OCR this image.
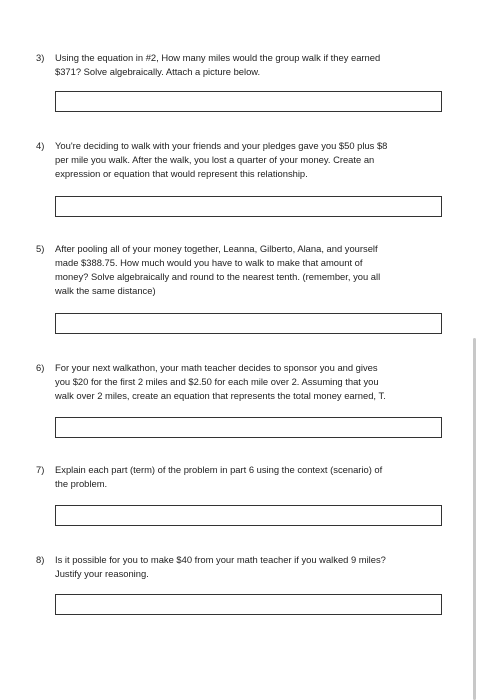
3)	Using the equation in #2, How many miles would the group walk if they earned
$371? Solve algebraically. Attach a picture below.
4)	You're deciding to walk with your friends and your pledges gave you $50 plus $8
per mile you walk. After the walk, you lost a quarter of your money. Create an
expression or equation that would represent this relationship.
5)	After pooling all of your money together, Leanna, Gilberto, Alana, and yourself
made $388.75. How much would you have to walk to make that amount of
money? Solve algebraically and round to the nearest tenth. (remember, you all
walk the same distance)
6)	For your next walkathon, your math teacher decides to sponsor you and gives
you $20 for the first 2 miles and $2.50 for each mile over 2. Assuming that you
walk over 2 miles, create an equation that represents the total money earned, T.
7)	Explain each part (term) of the problem in part 6 using the context (scenario) of
the problem.
8)	Is it possible for you to make $40 from your math teacher if you walked 9 miles?
Justify your reasoning.
